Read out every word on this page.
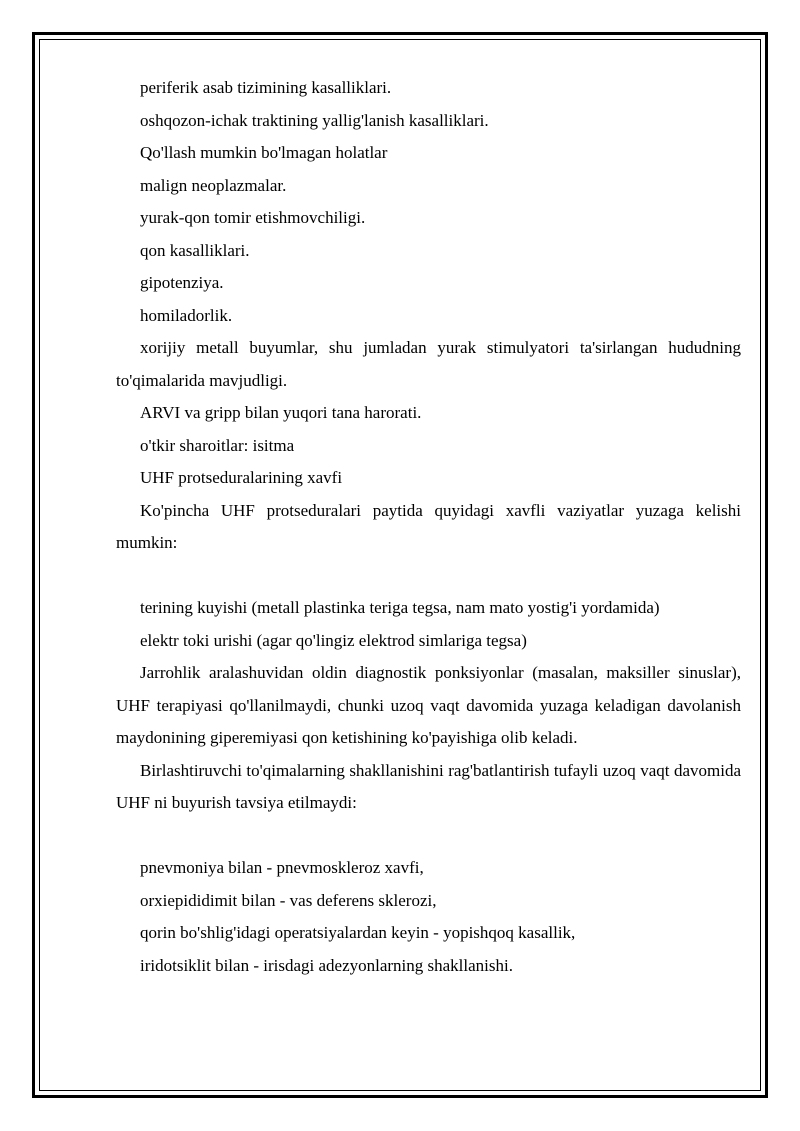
periferik asab tizimining kasalliklari.

oshqozon-ichak traktining yallig'lanish kasalliklari.

Qo'llash mumkin bo'lmagan holatlar

malign neoplazmalar.

yurak-qon tomir etishmovchiligi.

qon kasalliklari.

gipotenziya.

homiladorlik.

xorijiy metall buyumlar, shu jumladan yurak stimulyatori ta'sirlangan hududning to'qimalarida mavjudligi.

ARVI va gripp bilan yuqori tana harorati.

o'tkir sharoitlar: isitma

UHF protseduralarining xavfi

Ko'pincha UHF protseduralari paytida quyidagi xavfli vaziyatlar yuzaga kelishi mumkin:

terining kuyishi (metall plastinka teriga tegsa, nam mato yostig'i yordamida)

elektr toki urishi (agar qo'lingiz elektrod simlariga tegsa)

Jarrohlik aralashuvidan oldin diagnostik ponksiyonlar (masalan, maksiller sinuslar), UHF terapiyasi qo'llanilmaydi, chunki uzoq vaqt davomida yuzaga keladigan davolanish maydonining giperemiyasi qon ketishining ko'payishiga olib keladi.

Birlashtiruvchi to'qimalarning shakllanishini rag'batlantirish tufayli uzoq vaqt davomida UHF ni buyurish tavsiya etilmaydi:

pnevmoniya bilan - pnevmoskleroz xavfi,

orxiepididimit bilan - vas deferens sklerozi,

qorin bo'shlig'idagi operatsiyalardan keyin - yopishqoq kasallik,

iridotsiklit bilan - irisdagi adezyonlarning shakllanishi.
